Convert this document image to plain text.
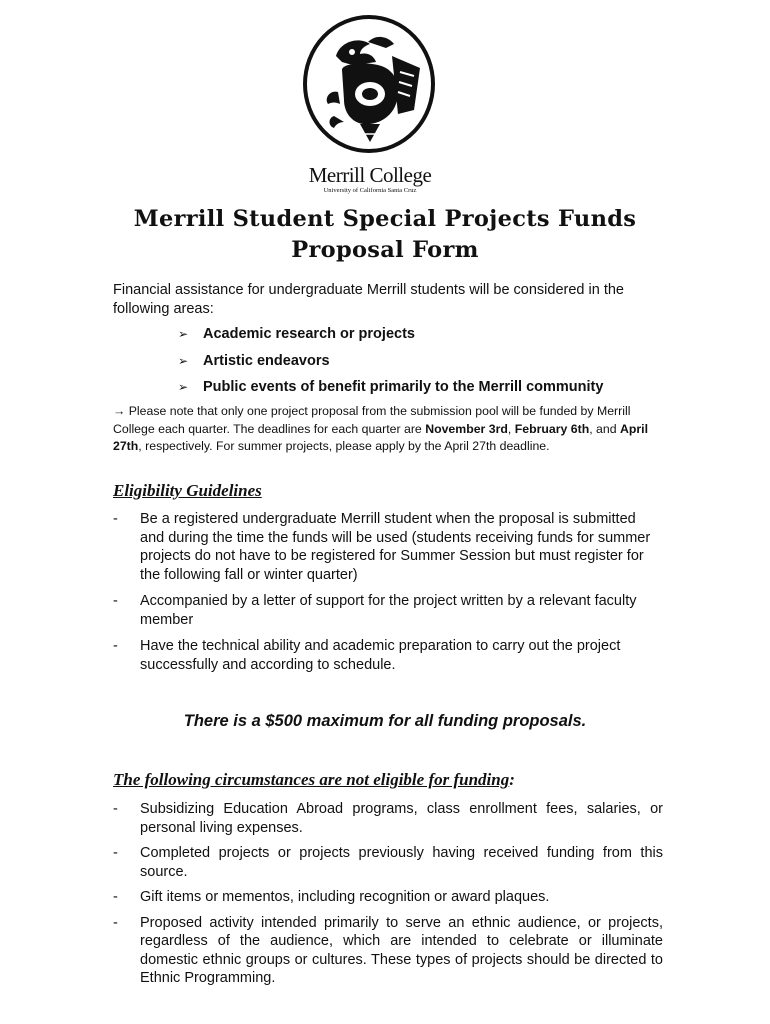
Merrill College
University of California Santa Cruz
Merrill Student Special Projects Funds
Proposal Form
Financial assistance for undergraduate Merrill students will be considered in the following areas:
➢	Academic research or projects
➢	Artistic endeavors
➢	Public events of benefit primarily to the Merrill community
→ Please note that only one project proposal from the submission pool will be funded by Merrill College each quarter. The deadlines for each quarter are November 3rd, February 6th, and April 27th, respectively. For summer projects, please apply by the April 27th deadline.
Eligibility Guidelines
-	Be a registered undergraduate Merrill student when the proposal is submitted and during the time the funds will be used (students receiving funds for summer projects do not have to be registered for Summer Session but must register for the following fall or winter quarter)
-	Accompanied by a letter of support for the project written by a relevant faculty member
-	Have the technical ability and academic preparation to carry out the project successfully and according to schedule.
There is a $500 maximum for all funding proposals.
The following circumstances are not eligible for funding:
-	Subsidizing Education Abroad programs, class enrollment fees, salaries, or personal living expenses.
-	Completed projects or projects previously having received funding from this source.
-	Gift items or mementos, including recognition or award plaques.
-	Proposed activity intended primarily to serve an ethnic audience, or projects, regardless of the audience, which are intended to celebrate or illuminate domestic ethnic groups or cultures. These types of projects should be directed to Ethnic Programming.
